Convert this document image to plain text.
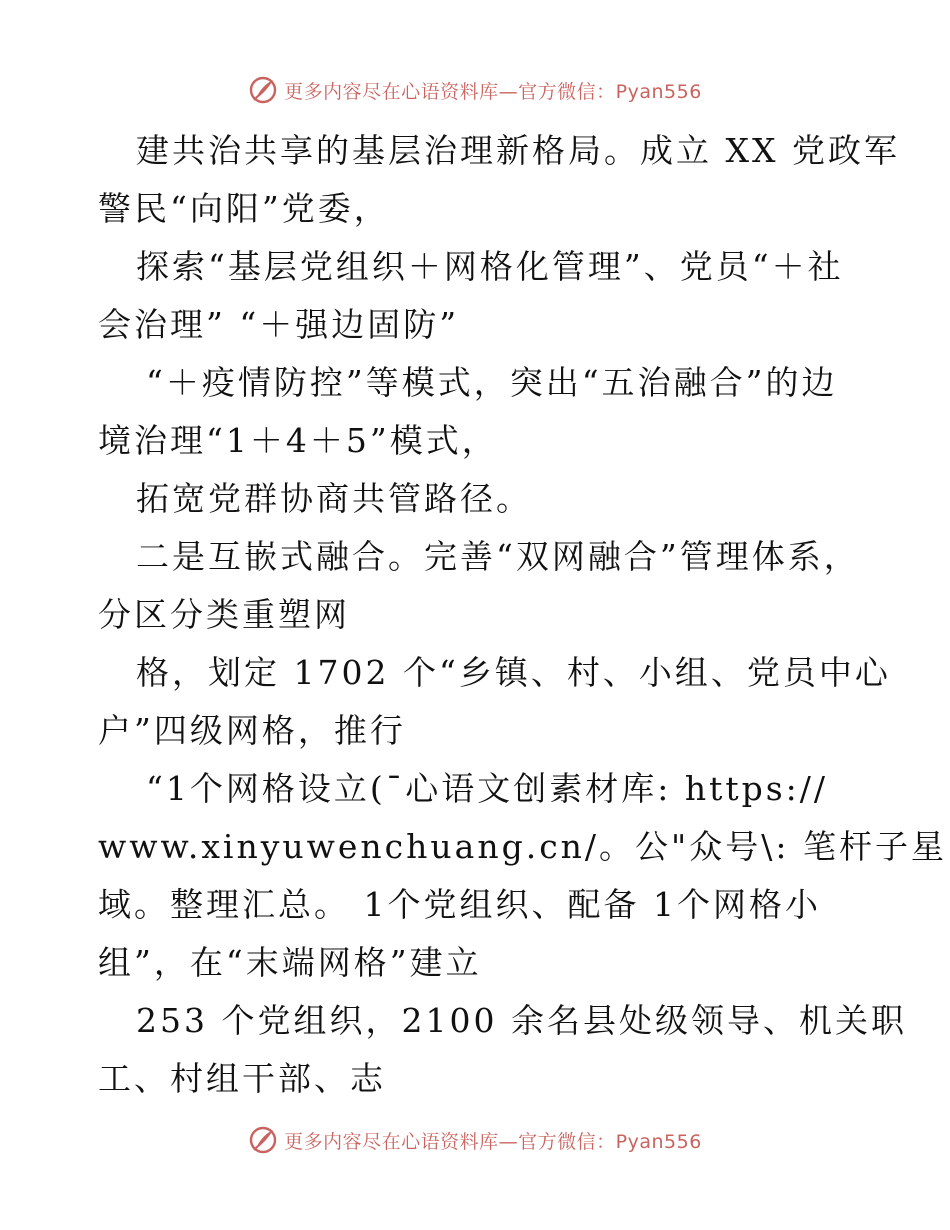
更多内容尽在心语资料库—官方微信：Pyan556
建共治共享的基层治理新格局。成立 XX 党政军
警民“向阳”党委，
探索“基层党组织＋网格化管理”、党员“＋社
会治理” “＋强边固防”
“＋疫情防控”等模式，突出“五治融合”的边
境治理“1＋4＋5”模式，
拓宽党群协商共管路径。
二是互嵌式融合。完善“双网融合”管理体系，
分区分类重塑网
格，划定 1702 个“乡镇、村、小组、党员中心
户”四级网格，推行
“1个网格设立(¯心语文创素材库: https://
www.xinyuwenchuang.cn/。公"众号\: 笔杆子星
域。整理汇总。 1个党组织、配备 1个网格小
组”，在“末端网格”建立
253 个党组织，2100 余名县处级领导、机关职
工、村组干部、志
更多内容尽在心语资料库—官方微信：Pyan556
